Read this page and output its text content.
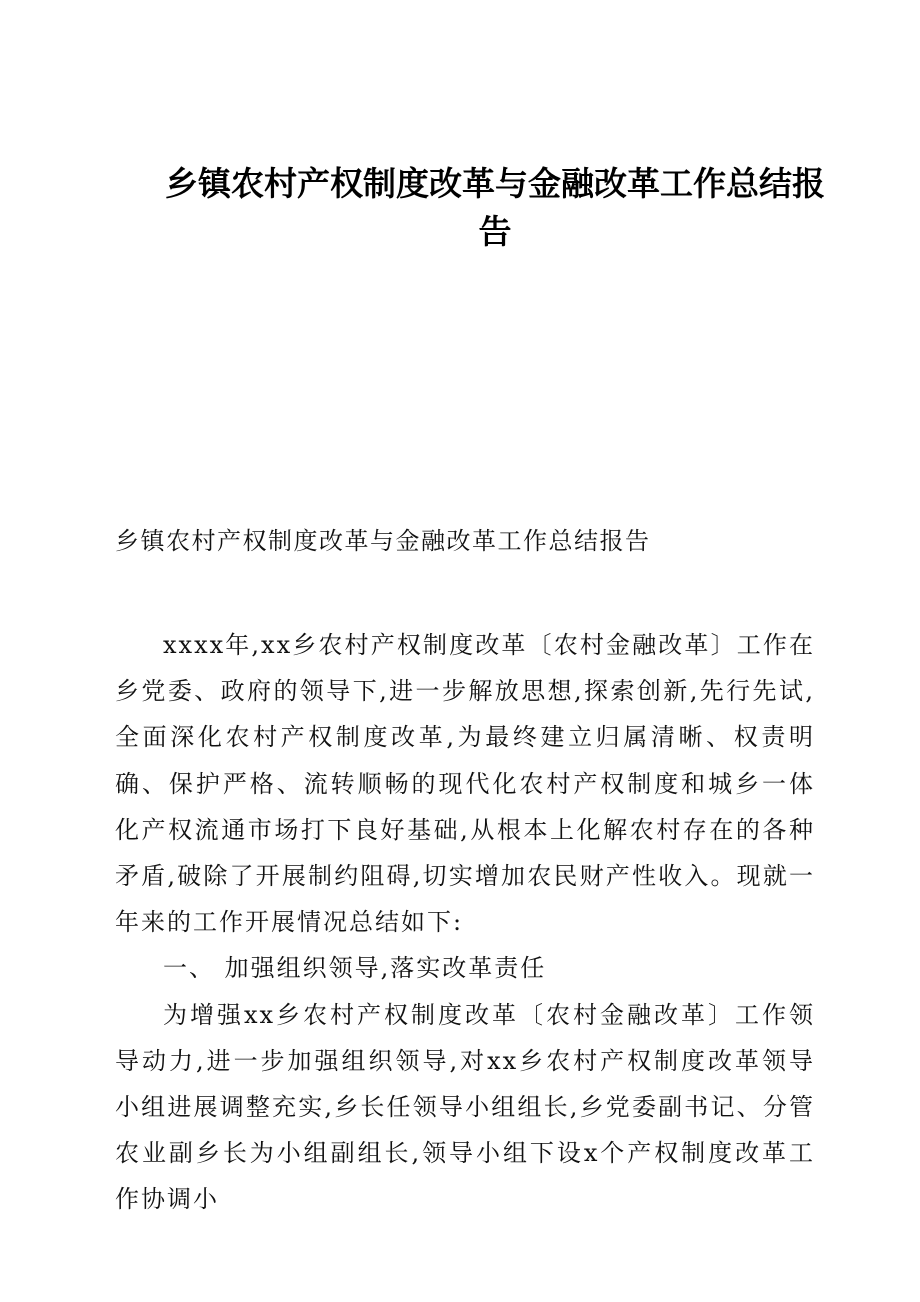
乡镇农村产权制度改革与金融改革工作总结报告
乡镇农村产权制度改革与金融改革工作总结报告

xxxx年,xx乡农村产权制度改革〔农村金融改革〕工作在乡党委、政府的领导下,进一步解放思想,探索创新,先行先试,全面深化农村产权制度改革,为最终建立归属清晰、权责明确、保护严格、流转顺畅的现代化农村产权制度和城乡一体化产权流通市场打下良好基础,从根本上化解农村存在的各种矛盾,破除了开展制约阻碍,切实增加农民财产性收入。现就一年来的工作开展情况总结如下:

一、 加强组织领导,落实改革责任

为增强xx乡农村产权制度改革〔农村金融改革〕工作领导动力,进一步加强组织领导,对xx乡农村产权制度改革领导小组进展调整充实,乡长任领导小组组长,乡党委副书记、分管农业副乡长为小组副组长,领导小组下设x个产权制度改革工作协调小
